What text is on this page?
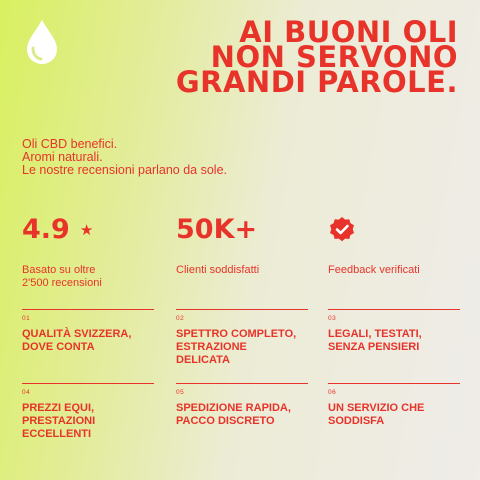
AI BUONI OLI
NON SERVONO
GRANDI PAROLE.

Oli CBD benefici.
Aromi naturali.
Le nostre recensioni parlano da sole.

4.9 ★
Basato su oltre
2'500 recensioni
50K+
Clienti soddisfatti	Feedback verificati
01
QUALITÀ SVIZZERA,
DOVE CONTA
02
SPETTRO COMPLETO,
ESTRAZIONE
DELICATA
03
LEGALI, TESTATI,
SENZA PENSIERI
04
PREZZI EQUI,
PRESTAZIONI
ECCELLENTI
05
SPEDIZIONE RAPIDA,
PACCO DISCRETO
06
UN SERVIZIO CHE
SODDISFA
